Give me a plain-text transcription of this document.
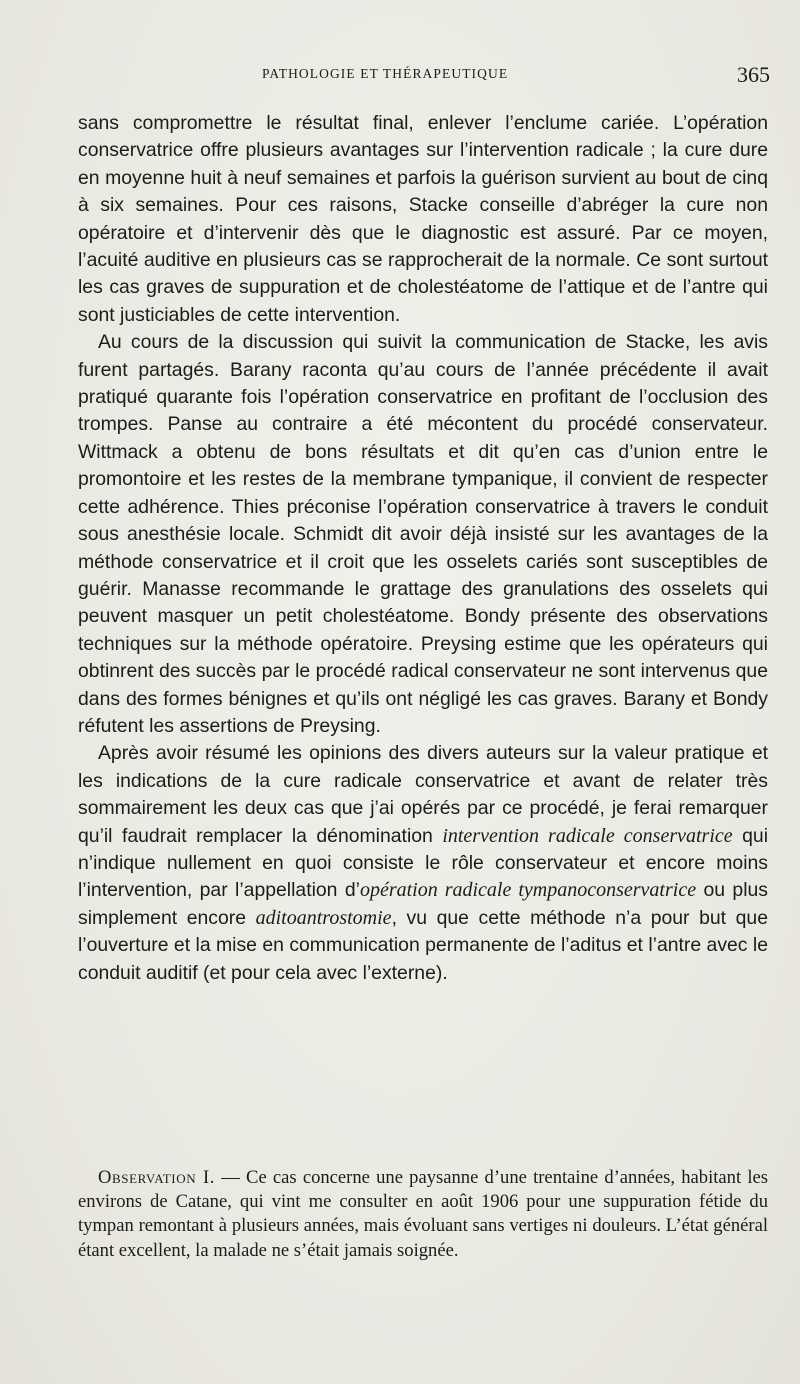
PATHOLOGIE ET THÉRAPEUTIQUE	365

sans compromettre le résultat final, enlever l’enclume cariée. L’opération conservatrice offre plusieurs avantages sur l’intervention radicale ; la cure dure en moyenne huit à neuf semaines et parfois la guérison survient au bout de cinq à six semaines. Pour ces raisons, Stacke conseille d’abréger la cure non opératoire et d’intervenir dès que le diagnostic est assuré. Par ce moyen, l’acuité auditive en plusieurs cas se rapprocherait de la normale. Ce sont surtout les cas graves de suppuration et de cholestéatome de l’attique et de l’antre qui sont justiciables de cette intervention.

Au cours de la discussion qui suivit la communication de Stacke, les avis furent partagés. Barany raconta qu’au cours de l’année précédente il avait pratiqué quarante fois l’opération conservatrice en profitant de l’occlusion des trompes. Panse au contraire a été mécontent du procédé conservateur. Wittmack a obtenu de bons résultats et dit qu’en cas d’union entre le promontoire et les restes de la membrane tympanique, il convient de respecter cette adhérence. Thies préconise l’opération conservatrice à travers le conduit sous anesthésie locale. Schmidt dit avoir déjà insisté sur les avantages de la méthode conservatrice et il croit que les osselets cariés sont susceptibles de guérir. Manasse recommande le grattage des granulations des osselets qui peuvent masquer un petit cholestéatome. Bondy présente des observations techniques sur la méthode opératoire. Preysing estime que les opérateurs qui obtinrent des succès par le procédé radical conservateur ne sont intervenus que dans des formes bénignes et qu’ils ont négligé les cas graves. Barany et Bondy réfutent les assertions de Preysing.

Après avoir résumé les opinions des divers auteurs sur la valeur pratique et les indications de la cure radicale conservatrice et avant de relater très sommairement les deux cas que j’ai opérés par ce procédé, je ferai remarquer qu’il faudrait remplacer la dénomination intervention radicale conservatrice qui n’indique nullement en quoi consiste le rôle conservateur et encore moins l’intervention, par l’appellation d’opération radicale tympanoconservatrice ou plus simplement encore aditoantrostomie, vu que cette méthode n’a pour but que l’ouverture et la mise en communication permanente de l’aditus et l’antre avec le conduit auditif (et pour cela avec l’externe).

Observation I. — Ce cas concerne une paysanne d’une trentaine d’années, habitant les environs de Catane, qui vint me consulter en août 1906 pour une suppuration fétide du tympan remontant à plusieurs années, mais évoluant sans vertiges ni douleurs. L’état général étant excellent, la malade ne s’était jamais soignée.
